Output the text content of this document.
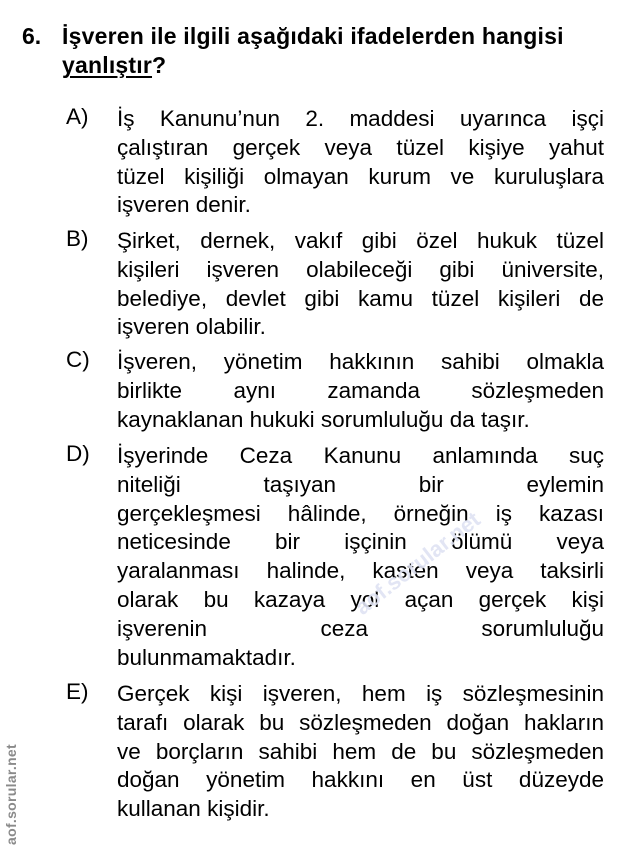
6. İşveren ile ilgili aşağıdaki ifadelerden hangisi
yanlıştır?
A) İş Kanunu’nun 2. maddesi uyarınca işçi
çalıştıran gerçek veya tüzel kişiye yahut
tüzel kişiliği olmayan kurum ve kuruluşlara
işveren denir.
B) Şirket, dernek, vakıf gibi özel hukuk tüzel
kişileri işveren olabileceği gibi üniversite,
belediye, devlet gibi kamu tüzel kişileri de
işveren olabilir.
C) İşveren, yönetim hakkının sahibi olmakla
birlikte aynı zamanda sözleşmeden
kaynaklanan hukuki sorumluluğu da taşır.
D) İşyerinde Ceza Kanunu anlamında suç
niteliği taşıyan bir eylemin
gerçekleşmesi hâlinde, örneğin iş kazası
neticesinde bir işçinin ölümü veya
yaralanması halinde, kasten veya taksirli
olarak bu kazaya yol açan gerçek kişi
işverenin ceza sorumluluğu
bulunmamaktadır.
E) Gerçek kişi işveren, hem iş sözleşmesinin
tarafı olarak bu sözleşmeden doğan hakların
ve borçların sahibi hem de bu sözleşmeden
doğan yönetim hakkını en üst düzeyde
kullanan kişidir.
aof.sorular.net
aof.sorular.net
